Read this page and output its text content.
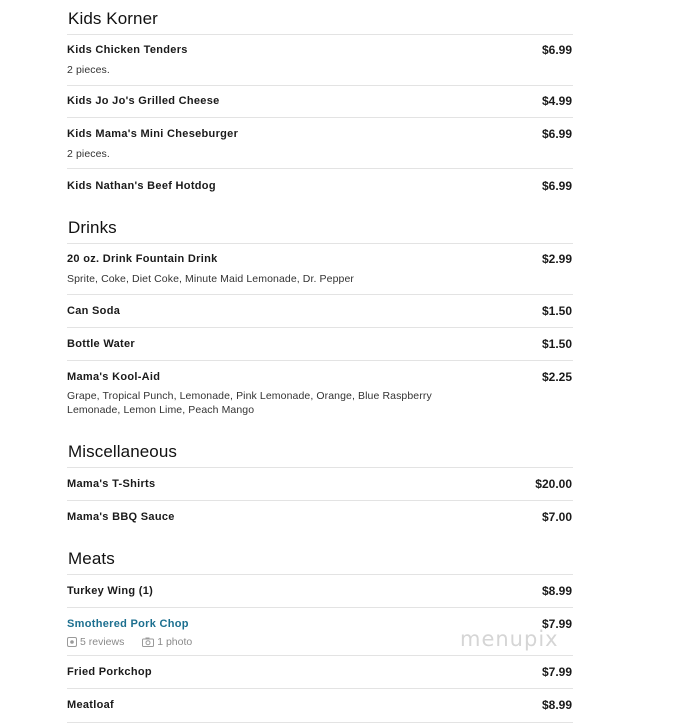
Kids Korner
Kids Chicken Tenders	$6.99
2 pieces.
Kids Jo Jo's Grilled Cheese	$4.99
Kids Mama's Mini Cheseburger	$6.99
2 pieces.
Kids Nathan's Beef Hotdog	$6.99
Drinks
20 oz. Drink Fountain Drink	$2.99
Sprite, Coke, Diet Coke, Minute Maid Lemonade, Dr. Pepper
Can Soda	$1.50
Bottle Water	$1.50
Mama's Kool-Aid	$2.25
Grape, Tropical Punch, Lemonade, Pink Lemonade, Orange, Blue Raspberry Lemonade, Lemon Lime, Peach Mango
Miscellaneous
Mama's T-Shirts	$20.00
Mama's BBQ Sauce	$7.00
Meats
Turkey Wing (1)	$8.99
Smothered Pork Chop	$7.99
5 reviews	1 photo
Fried Porkchop	$7.99
Meatloaf	$8.99
menupix
